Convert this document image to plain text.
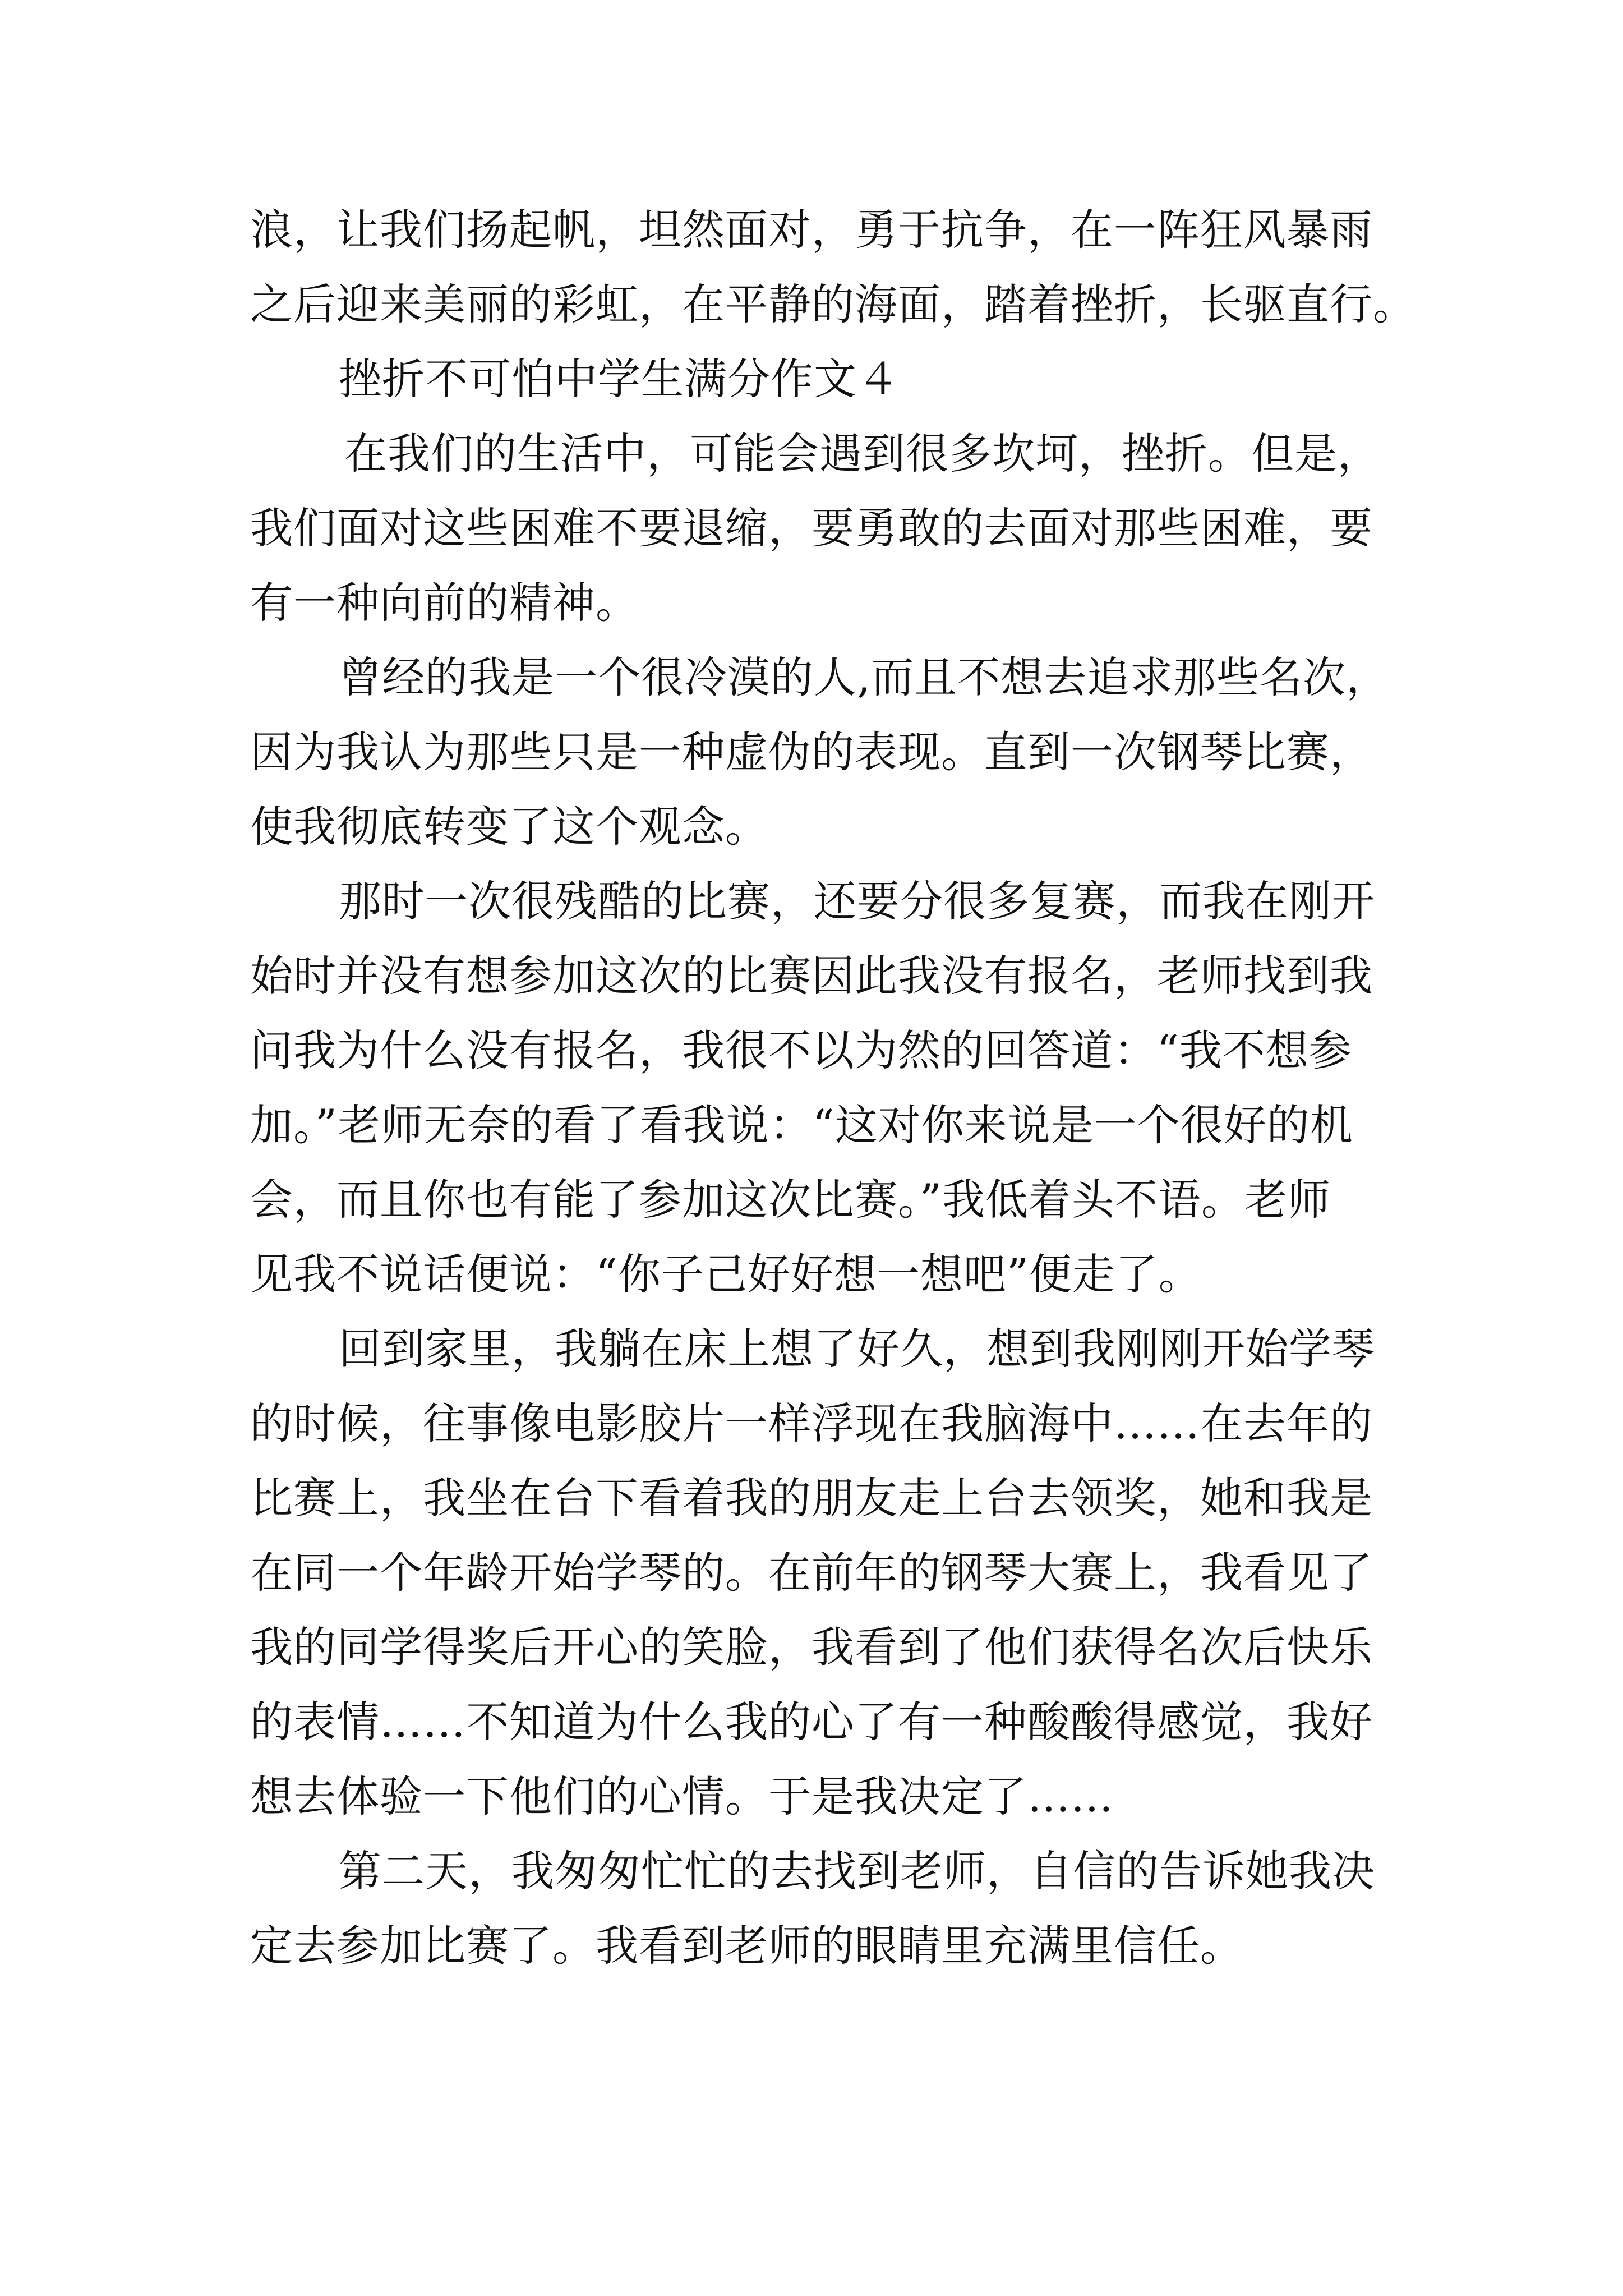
浪，让我们扬起帆，坦然面对，勇于抗争，在一阵狂风暴雨
之后迎来美丽的彩虹，在平静的海面，踏着挫折，长驱直行。
挫折不可怕中学生满分作文４
在我们的生活中，可能会遇到很多坎坷，挫折。但是，
我们面对这些困难不要退缩，要勇敢的去面对那些困难，要
有一种向前的精神。
曾经的我是一个很冷漠的人,而且不想去追求那些名次，
因为我认为那些只是一种虚伪的表现。直到一次钢琴比赛，
使我彻底转变了这个观念。
那时一次很残酷的比赛，还要分很多复赛，而我在刚开
始时并没有想参加这次的比赛因此我没有报名，老师找到我
问我为什么没有报名，我很不以为然的回答道：“我不想参
加。”老师无奈的看了看我说：“这对你来说是一个很好的机
会，而且你也有能了参加这次比赛。”我低着头不语。老师
见我不说话便说：“你子己好好想一想吧”便走了。
回到家里，我躺在床上想了好久，想到我刚刚开始学琴
的时候，往事像电影胶片一样浮现在我脑海中……在去年的
比赛上，我坐在台下看着我的朋友走上台去领奖，她和我是
在同一个年龄开始学琴的。在前年的钢琴大赛上，我看见了
我的同学得奖后开心的笑脸，我看到了他们获得名次后快乐
的表情……不知道为什么我的心了有一种酸酸得感觉，我好
想去体验一下他们的心情。于是我决定了……
第二天，我匆匆忙忙的去找到老师，自信的告诉她我决
定去参加比赛了。我看到老师的眼睛里充满里信任。
